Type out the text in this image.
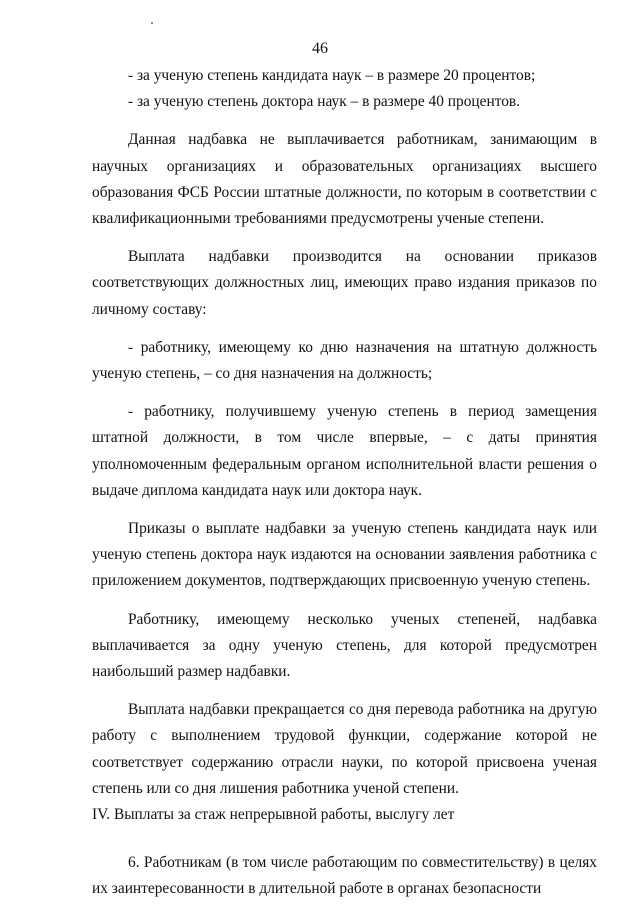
46

- за ученую степень кандидата наук – в размере 20 процентов;

- за ученую степень доктора наук – в размере 40 процентов.

Данная надбавка не выплачивается работникам, занимающим в научных организациях и образовательных организациях высшего образования ФСБ России штатные должности, по которым в соответствии с квалификационными требованиями предусмотрены ученые степени.

Выплата надбавки производится на основании приказов соответствующих должностных лиц, имеющих право издания приказов по личному составу:

- работнику, имеющему ко дню назначения на штатную должность ученую степень, – со дня назначения на должность;

- работнику, получившему ученую степень в период замещения штатной должности, в том числе впервые, – с даты принятия уполномоченным федеральным органом исполнительной власти решения о выдаче диплома кандидата наук или доктора наук.

Приказы о выплате надбавки за ученую степень кандидата наук или ученую степень доктора наук издаются на основании заявления работника с приложением документов, подтверждающих присвоенную ученую степень.

Работнику, имеющему несколько ученых степеней, надбавка выплачивается за одну ученую степень, для которой предусмотрен наибольший размер надбавки.

Выплата надбавки прекращается со дня перевода работника на другую работу с выполнением трудовой функции, содержание которой не соответствует содержанию отрасли науки, по которой присвоена ученая степень или со дня лишения работника ученой степени.

IV. Выплаты за стаж непрерывной работы, выслугу лет

6. Работникам (в том числе работающим по совместительству) в целях их заинтересованности в длительной работе в органах безопасности
